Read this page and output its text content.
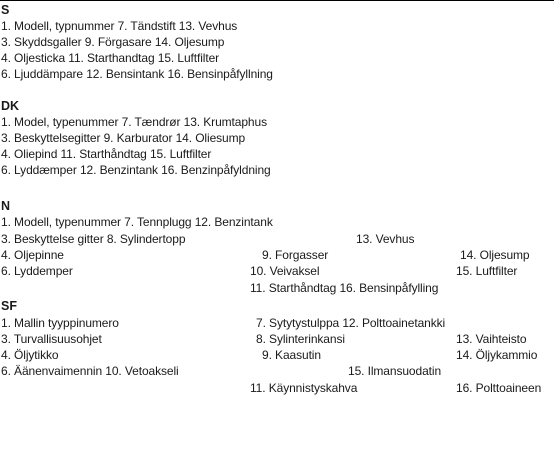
S
1. Modell, typnummer 7. Tändstift 13. Vevhus
3. Skyddsgaller 9. Förgasare 14. Oljesump
4. Oljesticka 11. Starthandtag 15. Luftfilter
6. Ljuddämpare 12. Bensintank 16. Bensinpåfyllning
DK
1. Model, typenummer 7. Tændrør 13. Krumtaphus
3. Beskyttelsegitter 9. Karburator 14. Oliesump
4. Oliepind 11. Starthåndtag 15. Luftfilter
6. Lyddæmper 12. Benzintank 16. Benzinpåfyldning
N
1. Modell, typenummer 7. Tennplugg 12. Benzintank
3. Beskyttelse gitter 8. Sylindertopp	13. Vevhus
4. Oljepinne	9. Forgasser	14. Oljesump
6. Lyddemper	10. Veivaksel	15. Luftfilter
11. Starthåndtag 16. Bensinpåfylling
SF
1. Mallin tyyppinumero	7. Sytytystulppa 12. Polttoainetankki
3. Turvallisuusohjet	8. Sylinterinkansi	13. Vaihteisto
4. Öljytikko	9. Kaasutin	14. Öljykammio
6. Äänenvaimennin 10. Vetoakseli	15. Ilmansuodatin
11. Käynnistyskahva	16. Polttoaineen
